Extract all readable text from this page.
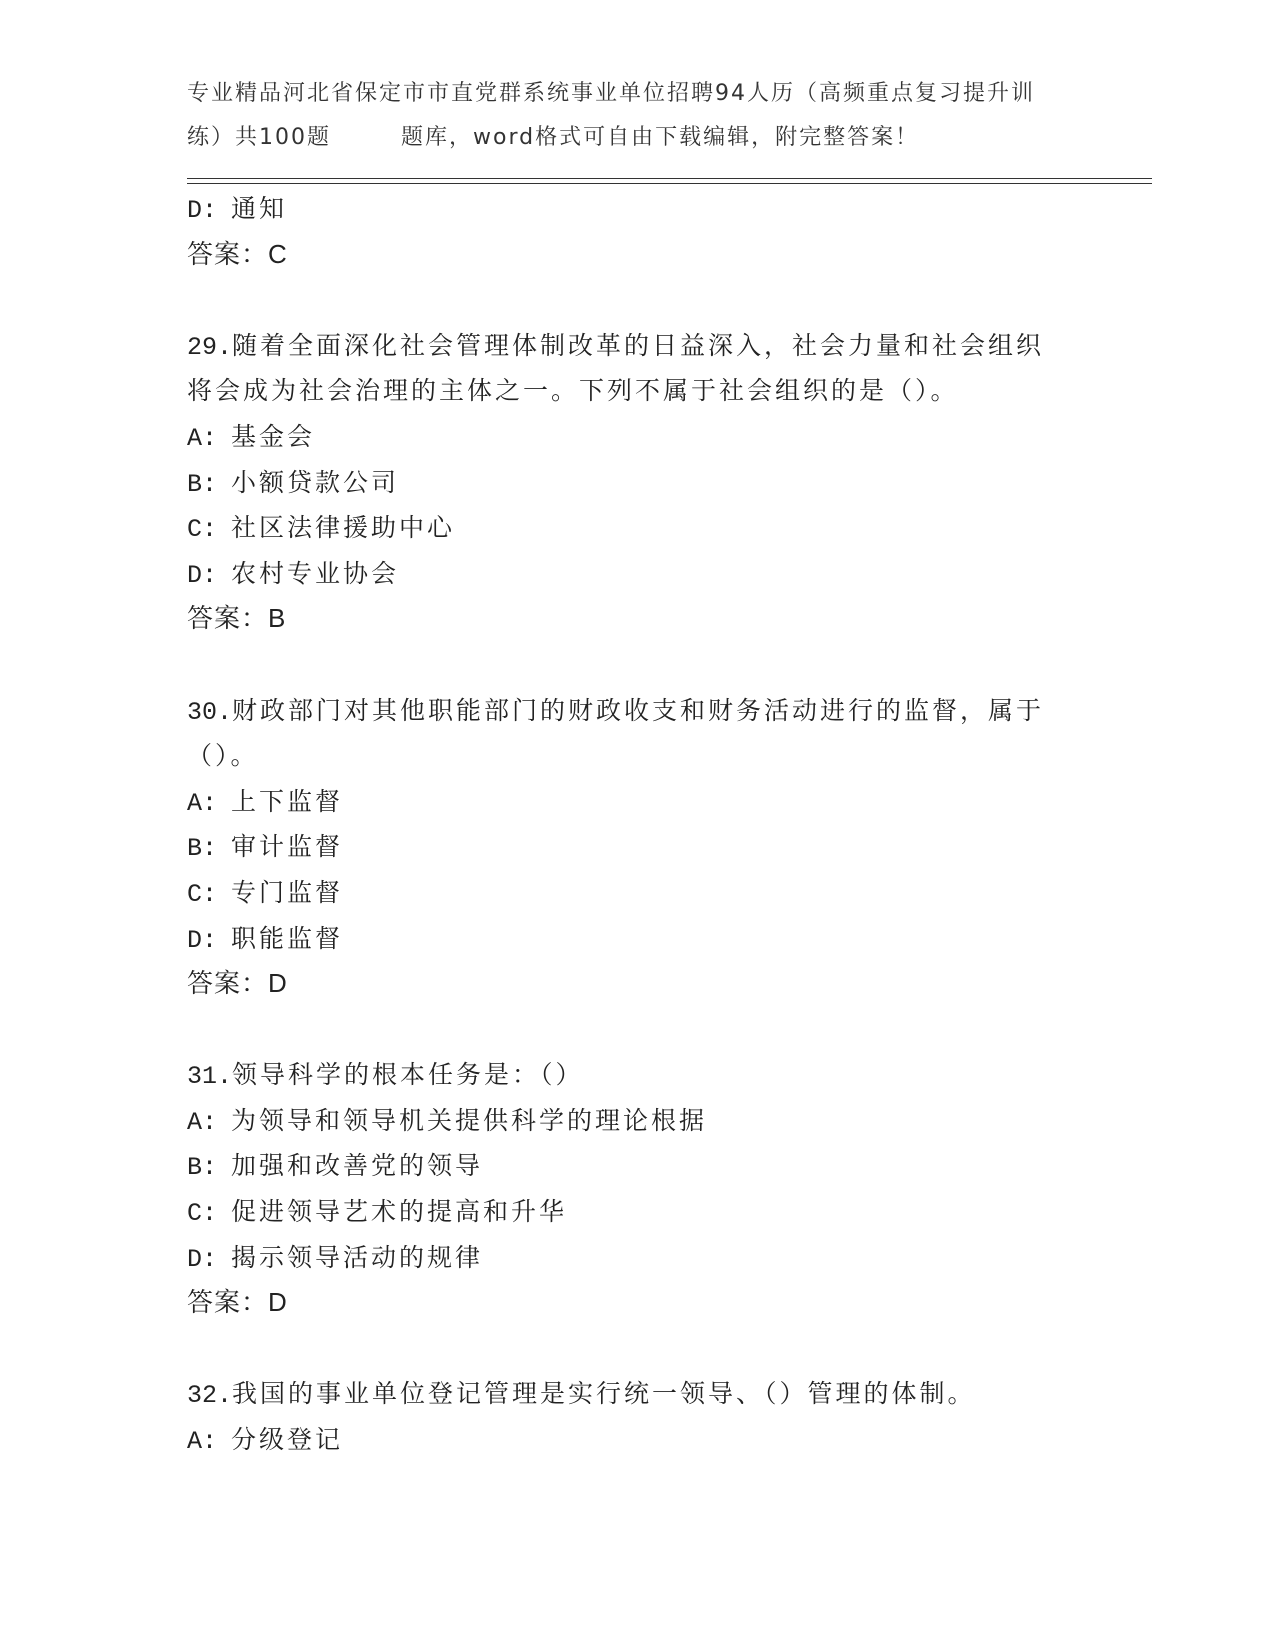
专业精品河北省保定市市直党群系统事业单位招聘94人历（高频重点复习提升训
练）共100题	题库，word格式可自由下载编辑，附完整答案！
D: 通知
答案：C
29.随着全面深化社会管理体制改革的日益深入，社会力量和社会组织
将会成为社会治理的主体之一。下列不属于社会组织的是（）。
A: 基金会
B: 小额贷款公司
C: 社区法律援助中心
D: 农村专业协会
答案：B
30.财政部门对其他职能部门的财政收支和财务活动进行的监督，属于
（）。
A: 上下监督
B: 审计监督
C: 专门监督
D: 职能监督
答案：D
31.领导科学的根本任务是：（）
A: 为领导和领导机关提供科学的理论根据
B: 加强和改善党的领导
C: 促进领导艺术的提高和升华
D: 揭示领导活动的规律
答案：D
32.我国的事业单位登记管理是实行统一领导、（）管理的体制。
A: 分级登记
